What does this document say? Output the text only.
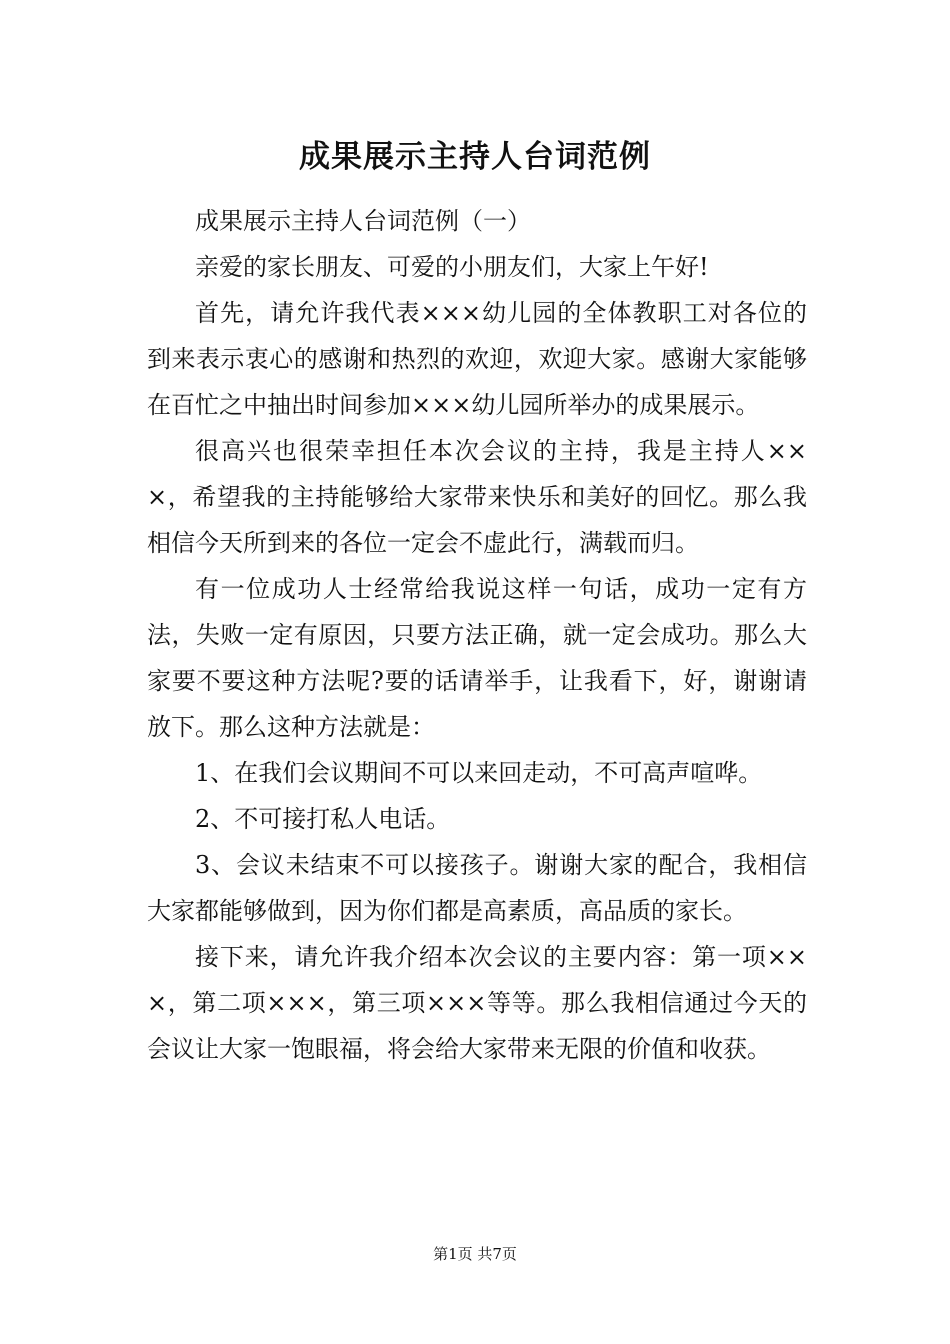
成果展示主持人台词范例

成果展示主持人台词范例（一）

亲爱的家长朋友、可爱的小朋友们，大家上午好!

首先，请允许我代表×××幼儿园的全体教职工对各位的到来表示衷心的感谢和热烈的欢迎，欢迎大家。感谢大家能够在百忙之中抽出时间参加×××幼儿园所举办的成果展示。

很高兴也很荣幸担任本次会议的主持，我是主持人×××，希望我的主持能够给大家带来快乐和美好的回忆。那么我相信今天所到来的各位一定会不虚此行，满载而归。

有一位成功人士经常给我说这样一句话，成功一定有方法，失败一定有原因，只要方法正确，就一定会成功。那么大家要不要这种方法呢?要的话请举手，让我看下，好，谢谢请放下。那么这种方法就是：

1、在我们会议期间不可以来回走动，不可高声喧哗。

2、不可接打私人电话。

3、会议未结束不可以接孩子。谢谢大家的配合，我相信大家都能够做到，因为你们都是高素质，高品质的家长。

接下来，请允许我介绍本次会议的主要内容：第一项×××，第二项×××，第三项×××等等。那么我相信通过今天的会议让大家一饱眼福，将会给大家带来无限的价值和收获。

第1页 共7页
